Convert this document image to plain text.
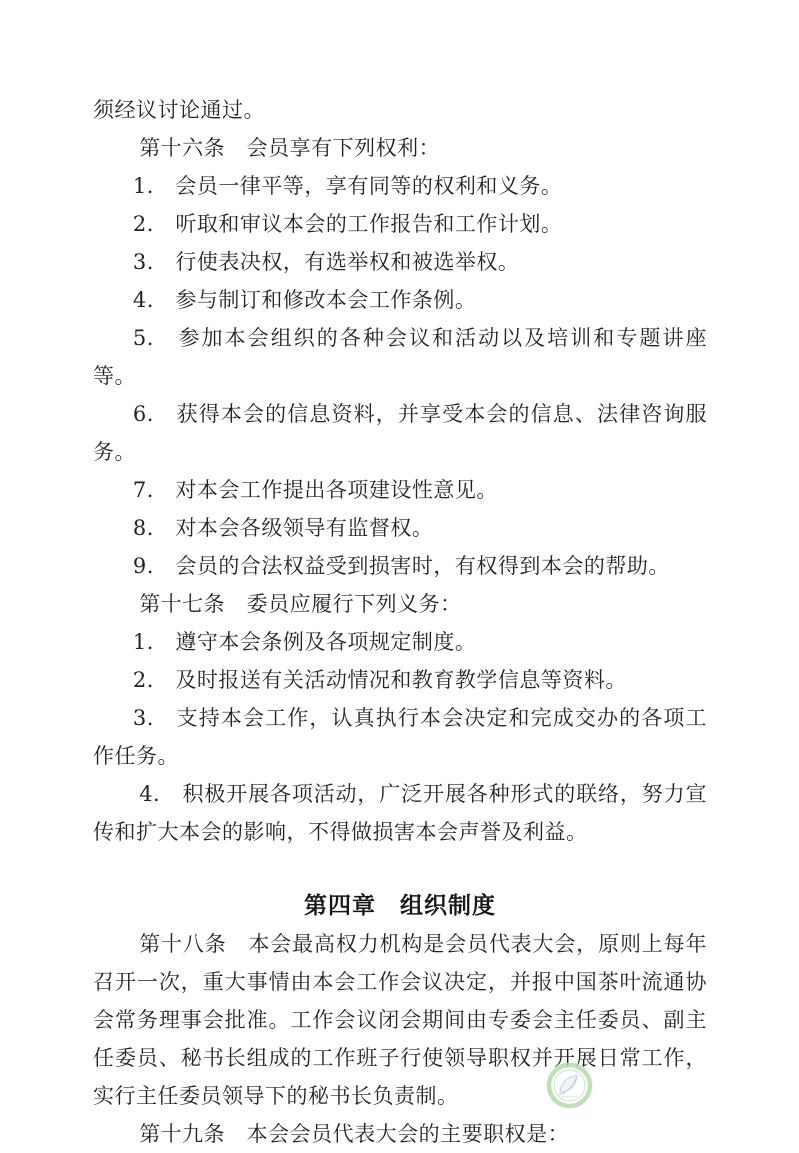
须经议讨论通过。

第十六条　会员享有下列权利：

1.　会员一律平等，享有同等的权利和义务。

2.　听取和审议本会的工作报告和工作计划。

3.　行使表决权，有选举权和被选举权。

4.　参与制订和修改本会工作条例。

5.　参加本会组织的各种会议和活动以及培训和专题讲座等。

6.　获得本会的信息资料，并享受本会的信息、法律咨询服务。

7.　对本会工作提出各项建设性意见。

8.　对本会各级领导有监督权。

9.　会员的合法权益受到损害时，有权得到本会的帮助。

第十七条　委员应履行下列义务：

1.　遵守本会条例及各项规定制度。

2.　及时报送有关活动情况和教育教学信息等资料。

3.　支持本会工作，认真执行本会决定和完成交办的各项工作任务。

4.　积极开展各项活动，广泛开展各种形式的联络，努力宣传和扩大本会的影响，不得做损害本会声誉及利益。

第四章　组织制度

第十八条　本会最高权力机构是会员代表大会，原则上每年召开一次，重大事情由本会工作会议决定，并报中国茶叶流通协会常务理事会批准。工作会议闭会期间由专委会主任委员、副主任委员、秘书长组成的工作班子行使领导职权并开展日常工作，实行主任委员领导下的秘书长负责制。

第十九条　本会会员代表大会的主要职权是：
